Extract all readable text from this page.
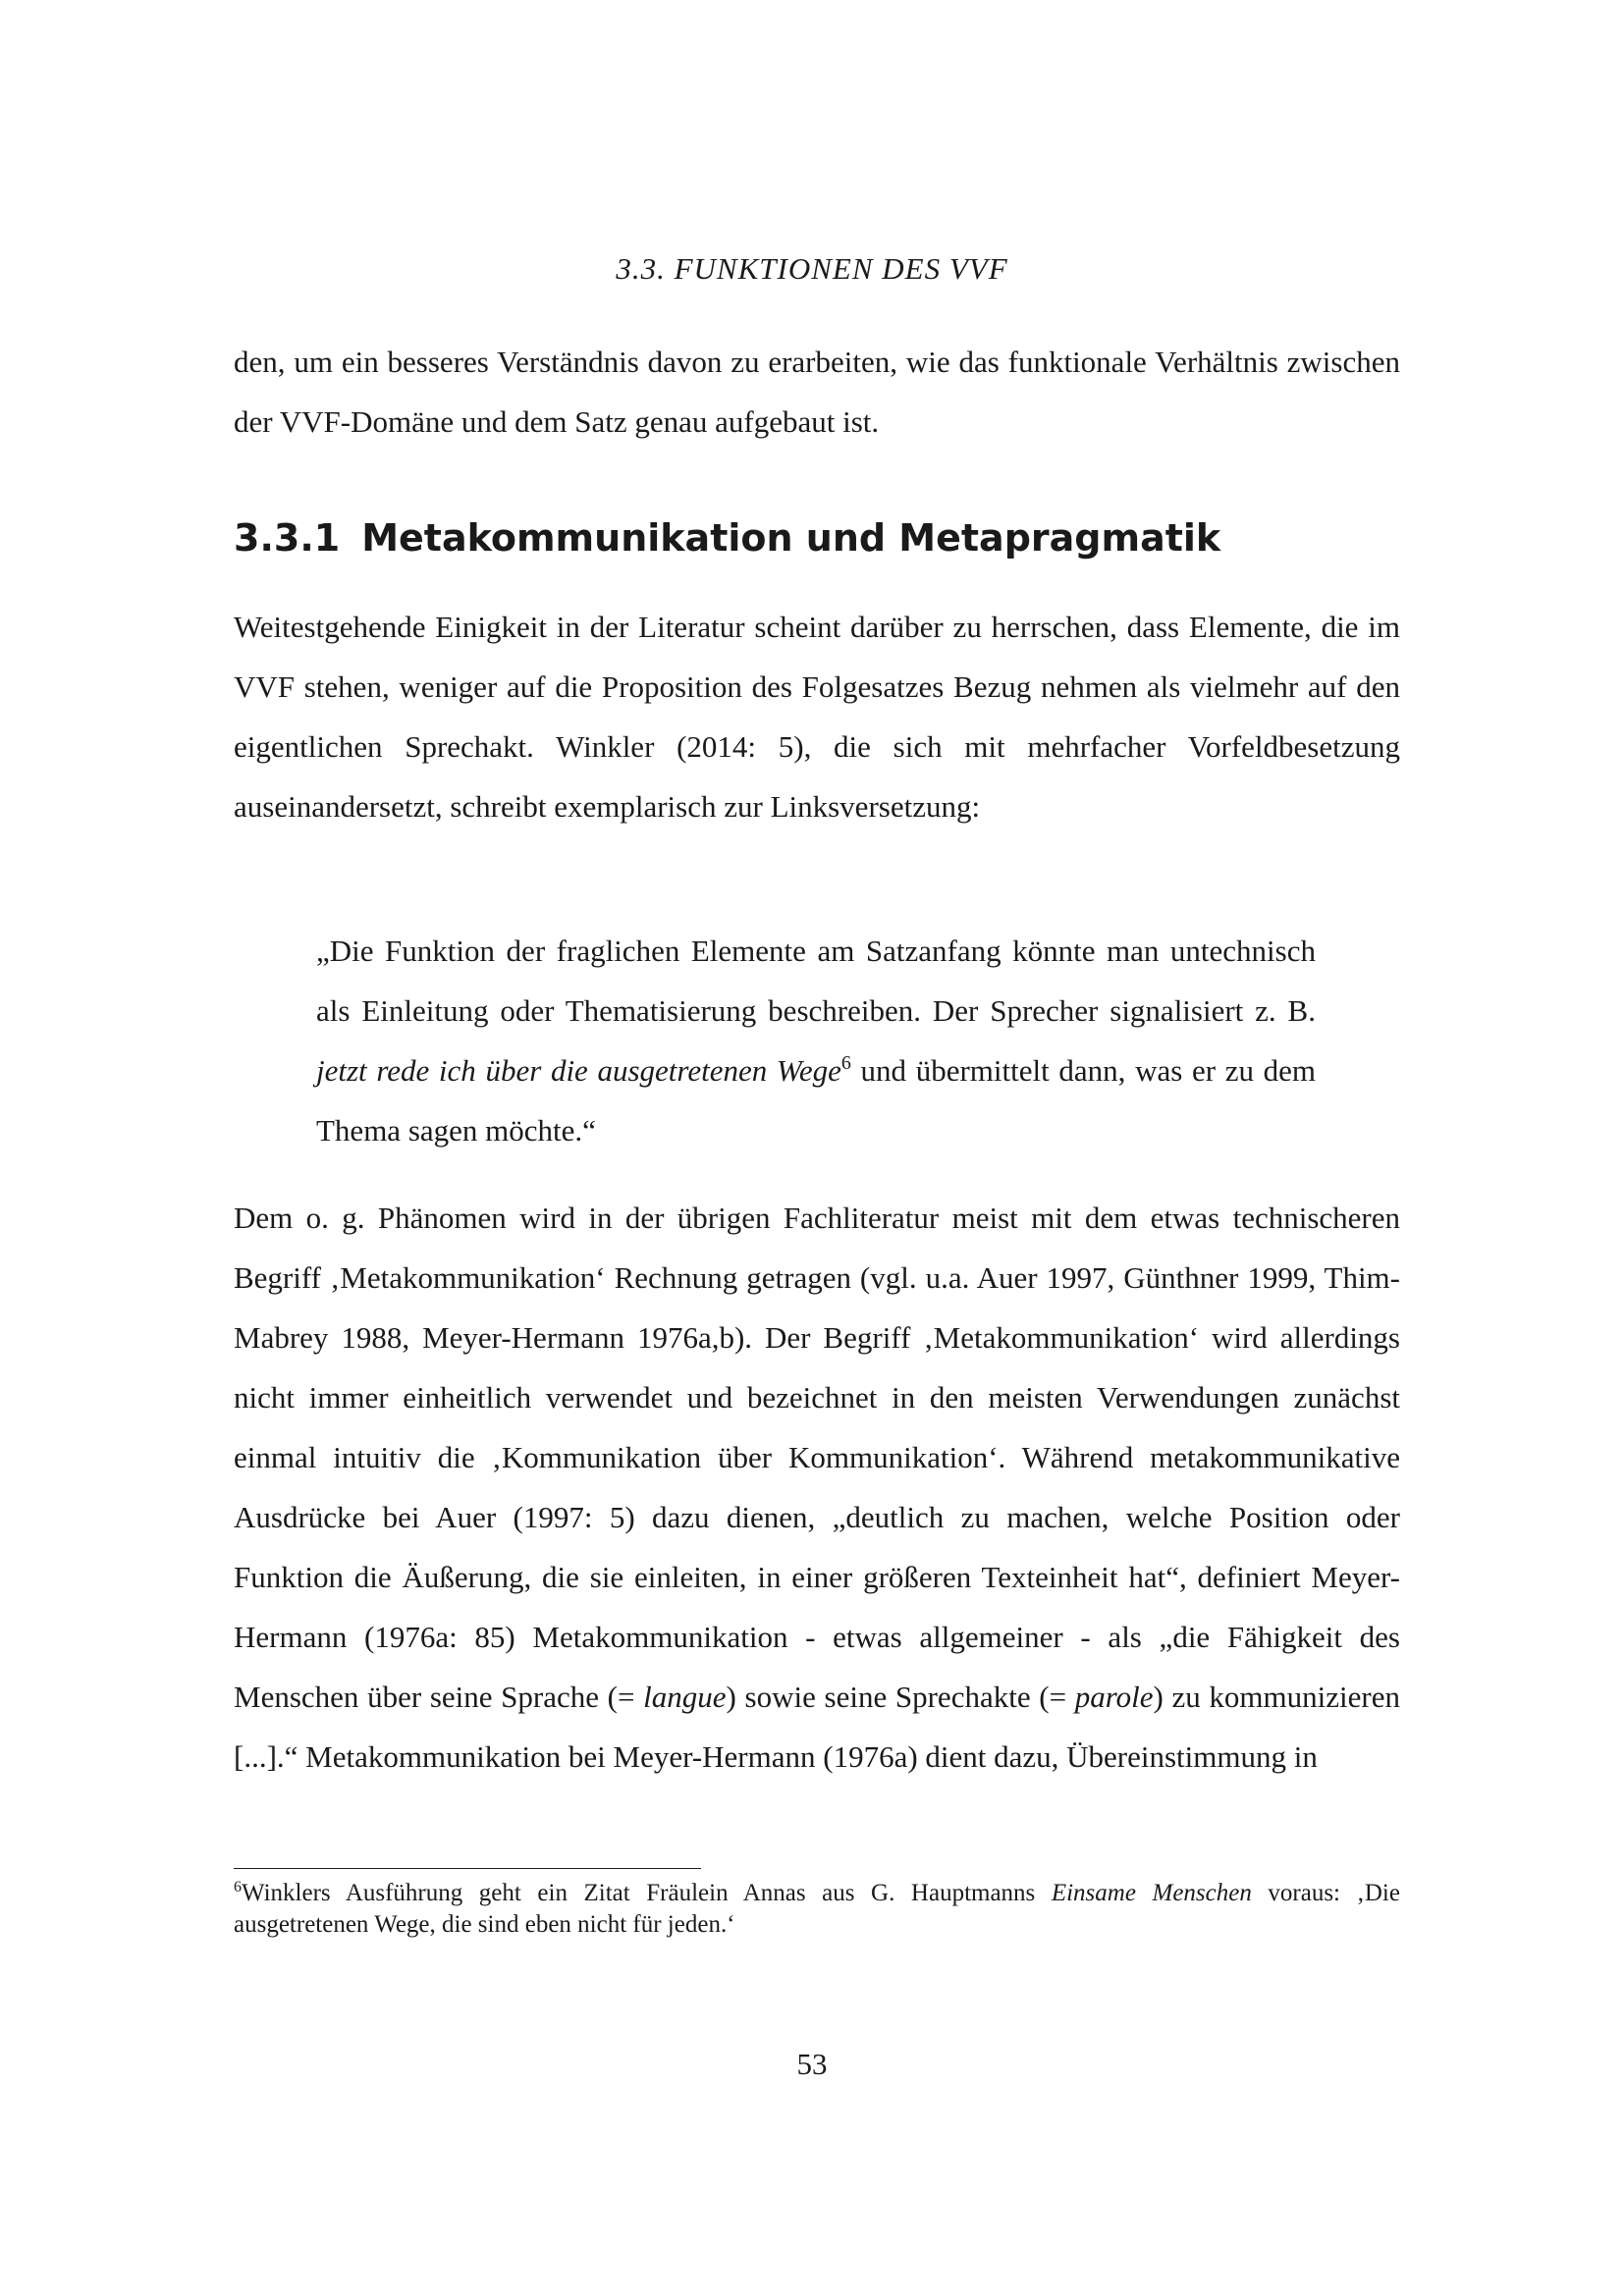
3.3. FUNKTIONEN DES VVF

den, um ein besseres Verständnis davon zu erarbeiten, wie das funktionale Verhältnis zwischen der VVF-Domäne und dem Satz genau aufgebaut ist.

3.3.1 Metakommunikation und Metapragmatik

Weitestgehende Einigkeit in der Literatur scheint darüber zu herrschen, dass Elemente, die im VVF stehen, weniger auf die Proposition des Folgesatzes Bezug nehmen als vielmehr auf den eigentlichen Sprechakt. Winkler (2014: 5), die sich mit mehrfacher Vorfeldbesetzung auseinandersetzt, schreibt exemplarisch zur Linksversetzung:

„Die Funktion der fraglichen Elemente am Satzanfang könnte man untechnisch als Einleitung oder Thematisierung beschreiben. Der Sprecher signalisiert z. B. jetzt rede ich über die ausgetretenen Wege$^6$ und übermittelt dann, was er zu dem Thema sagen möchte.“

Dem o. g. Phänomen wird in der übrigen Fachliteratur meist mit dem etwas technischeren Begriff ‚Metakommunikation‘ Rechnung getragen (vgl. u.a. Auer 1997, Günthner 1999, Thim-Mabrey 1988, Meyer-Hermann 1976a,b). Der Begriff ‚Metakommunikation‘ wird allerdings nicht immer einheitlich verwendet und bezeichnet in den meisten Verwendungen zunächst einmal intuitiv die ‚Kommunikation über Kommunikation‘. Während metakommunikative Ausdrücke bei Auer (1997: 5) dazu dienen, „deutlich zu machen, welche Position oder Funktion die Äußerung, die sie einleiten, in einer größeren Texteinheit hat“, definiert Meyer-Hermann (1976a: 85) Metakommunikation - etwas allgemeiner - als „die Fähigkeit des Menschen über seine Sprache (= langue) sowie seine Sprechakte (= parole) zu kommunizieren [...].“ Metakommunikation bei Meyer-Hermann (1976a) dient dazu, Übereinstimmung in

$^6$Winklers Ausführung geht ein Zitat Fräulein Annas aus G. Hauptmanns Einsame Menschen voraus: ‚Die ausgetretenen Wege, die sind eben nicht für jeden.‘
53
